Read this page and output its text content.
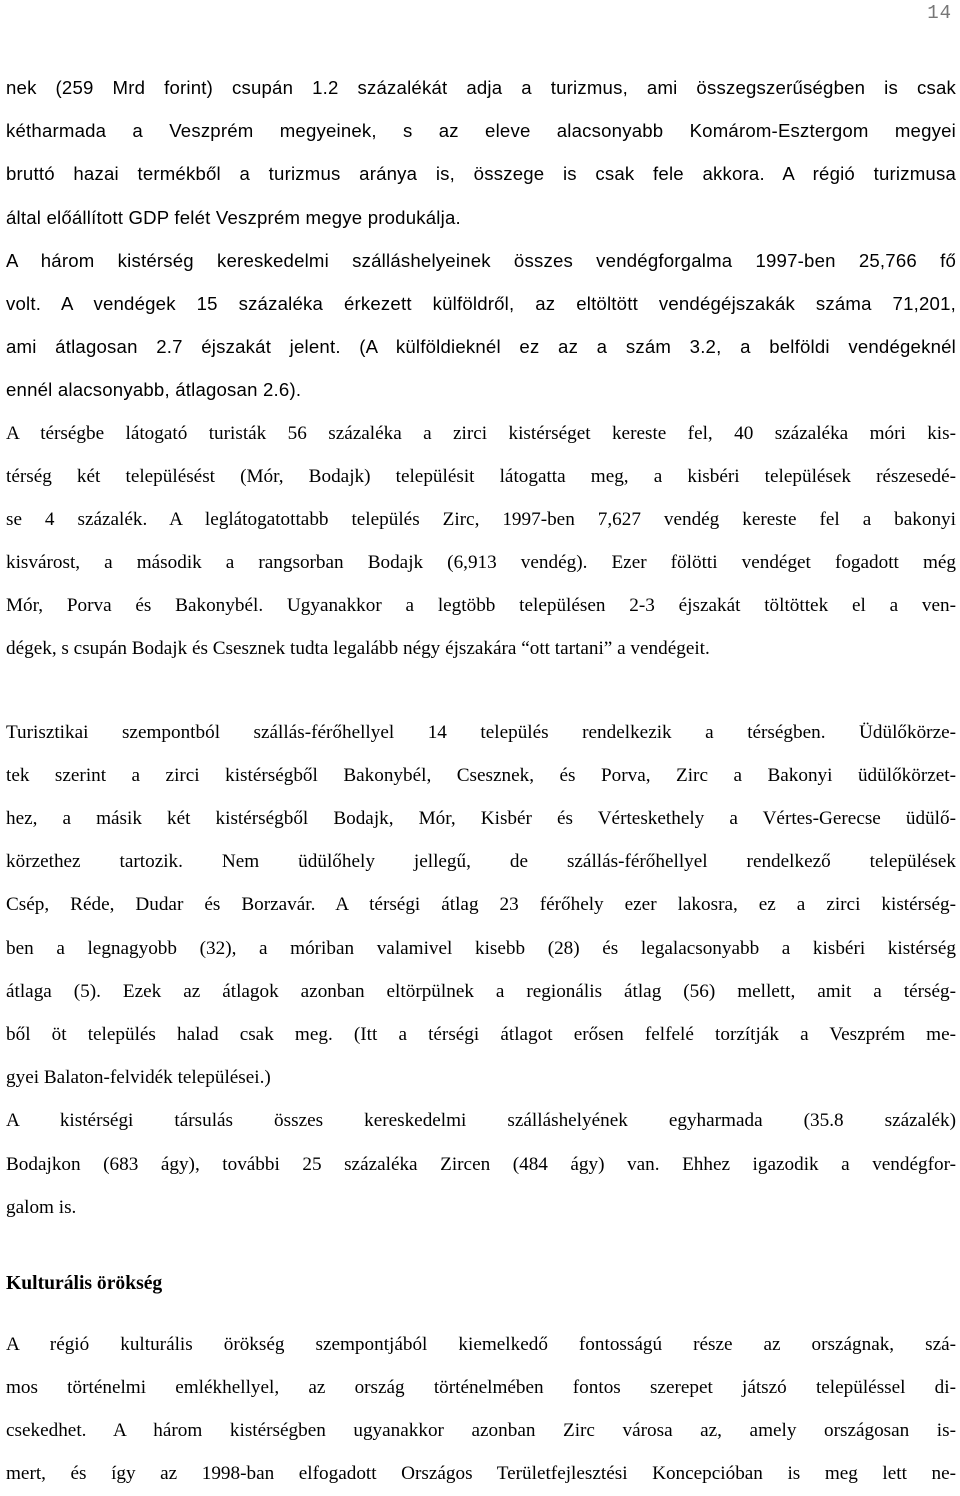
14
nek (259 Mrd forint) csupán 1.2 százalékát adja a turizmus, ami összegszerűségben is csak
kétharmada a Veszprém megyeinek, s az eleve alacsonyabb Komárom-Esztergom megyei
bruttó hazai termékből a turizmus aránya is, összege is csak fele akkora. A régió turizmusa
által előállított GDP felét Veszprém megye produkálja.
A három kistérség kereskedelmi szálláshelyeinek összes vendégforgalma 1997-ben 25,766 fő
volt. A vendégek 15 százaléka érkezett külföldről, az eltöltött vendégéjszakák száma 71,201,
ami átlagosan 2.7 éjszakát jelent. (A külföldieknél ez az a szám 3.2, a belföldi vendégeknél
ennél alacsonyabb, átlagosan 2.6).
A térségbe látogató turisták 56 százaléka a zirci kistérséget kereste fel, 40 százaléka móri kis-
térség két településést (Mór, Bodajk) településit látogatta meg, a kisbéri települések részesedé-
se 4 százalék. A leglátogatottabb település Zirc, 1997-ben 7,627 vendég kereste fel a bakonyi
kisvárost, a második a rangsorban Bodajk (6,913 vendég). Ezer fölötti vendéget fogadott még
Mór, Porva és Bakonybél. Ugyanakkor a legtöbb településen 2-3 éjszakát töltöttek el a ven-
dégek, s csupán Bodajk és Csesznek tudta legalább négy éjszakára “ott tartani” a vendégeit.
Turisztikai szempontból szállás-férőhellyel 14 település rendelkezik a térségben. Üdülőkörze-
tek szerint a zirci kistérségből Bakonybél, Csesznek, és Porva, Zirc a Bakonyi üdülőkörzet-
hez, a másik két kistérségből Bodajk, Mór, Kisbér és Vérteskethely a Vértes-Gerecse üdülő-
körzethez tartozik. Nem üdülőhely jellegű, de szállás-férőhellyel rendelkező települések
Csép, Réde, Dudar és Borzavár. A térségi átlag 23 férőhely ezer lakosra, ez a zirci kistérség-
ben a legnagyobb (32), a móriban valamivel kisebb (28) és legalacsonyabb a kisbéri kistérség
átlaga (5). Ezek az átlagok azonban eltörpülnek a regionális átlag (56) mellett, amit a térség-
ből öt település halad csak meg. (Itt a térségi átlagot erősen felfelé torzítják a Veszprém me-
gyei Balaton-felvidék települései.)
A kistérségi társulás összes kereskedelmi szálláshelyének egyharmada (35.8 százalék)
Bodajkon (683 ágy), további 25 százaléka Zircen (484 ágy) van. Ehhez igazodik a vendégfor-
galom is.
Kulturális örökség
A régió kulturális örökség szempontjából kiemelkedő fontosságú része az országnak, szá-
mos történelmi emlékhellyel, az ország történelmében fontos szerepet játszó településsel di-
csekedhet. A három kistérségben ugyanakkor azonban Zirc városa az, amely országosan is-
mert, és így az 1998-ban elfogadott Országos Területfejlesztési Koncepcióban is meg lett ne-
